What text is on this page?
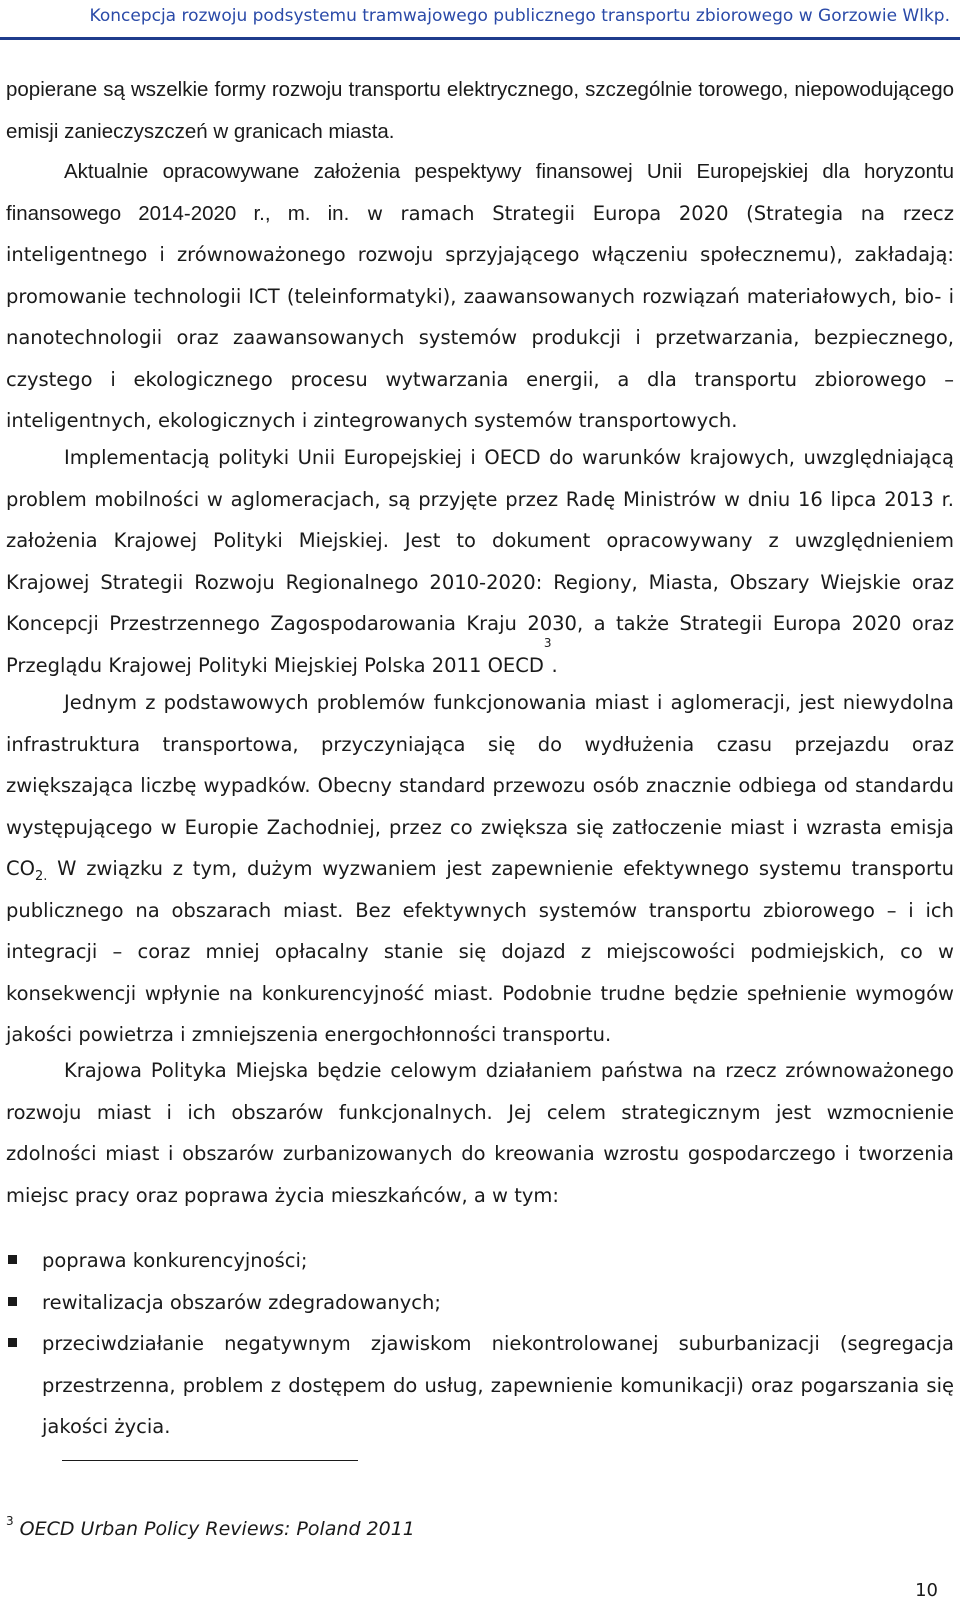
Koncepcja rozwoju podsystemu tramwajowego publicznego transportu zbiorowego w Gorzowie Wlkp.

popierane są wszelkie formy rozwoju transportu elektrycznego, szczególnie torowego, niepowodującego emisji zanieczyszczeń w granicach miasta.

Aktualnie opracowywane założenia pespektywy finansowej Unii Europejskiej dla horyzontu finansowego 2014-2020 r., m. in. w ramach Strategii Europa 2020 (Strategia na rzecz inteligentnego i zrównoważonego rozwoju sprzyjającego włączeniu społecznemu), zakładają: promowanie technologii ICT (teleinformatyki), zaawansowanych rozwiązań materiałowych, bio- i nanotechnologii oraz zaawansowanych systemów produkcji i przetwarzania, bezpiecznego, czystego i ekologicznego procesu wytwarzania energii, a dla transportu zbiorowego – inteligentnych, ekologicznych i zintegrowanych systemów transportowych.

Implementacją polityki Unii Europejskiej i OECD do warunków krajowych, uwzględniającą problem mobilności w aglomeracjach, są przyjęte przez Radę Ministrów w dniu 16 lipca 2013 r. założenia Krajowej Polityki Miejskiej. Jest to dokument opracowywany z uwzględnieniem Krajowej Strategii Rozwoju Regionalnego 2010-2020: Regiony, Miasta, Obszary Wiejskie oraz Koncepcji Przestrzennego Zagospodarowania Kraju 2030, a także Strategii Europa 2020 oraz Przeglądu Krajowej Polityki Miejskiej Polska 2011 OECD$^3$.

Jednym z podstawowych problemów funkcjonowania miast i aglomeracji, jest niewydolna infrastruktura transportowa, przyczyniająca się do wydłużenia czasu przejazdu oraz zwiększająca liczbę wypadków. Obecny standard przewozu osób znacznie odbiega od standardu występującego w Europie Zachodniej, przez co zwiększa się zatłoczenie miast i wzrasta emisja $CO_{2.}$ W związku z tym, dużym wyzwaniem jest zapewnienie efektywnego systemu transportu publicznego na obszarach miast. Bez efektywnych systemów transportu zbiorowego – i ich integracji – coraz mniej opłacalny stanie się dojazd z miejscowości podmiejskich, co w konsekwencji wpłynie na konkurencyjność miast. Podobnie trudne będzie spełnienie wymogów jakości powietrza i zmniejszenia energochłonności transportu.

Krajowa Polityka Miejska będzie celowym działaniem państwa na rzecz zrównoważonego rozwoju miast i ich obszarów funkcjonalnych. Jej celem strategicznym jest wzmocnienie zdolności miast i obszarów zurbanizowanych do kreowania wzrostu gospodarczego i tworzenia miejsc pracy oraz poprawa życia mieszkańców, a w tym:

poprawa konkurencyjności;
rewitalizacja obszarów zdegradowanych;
przeciwdziałanie negatywnym zjawiskom niekontrolowanej suburbanizacji (segregacja przestrzenna, problem z dostępem do usług, zapewnienie komunikacji) oraz pogarszania się jakości życia.
$^3$ OECD Urban Policy Reviews: Poland 2011
10
